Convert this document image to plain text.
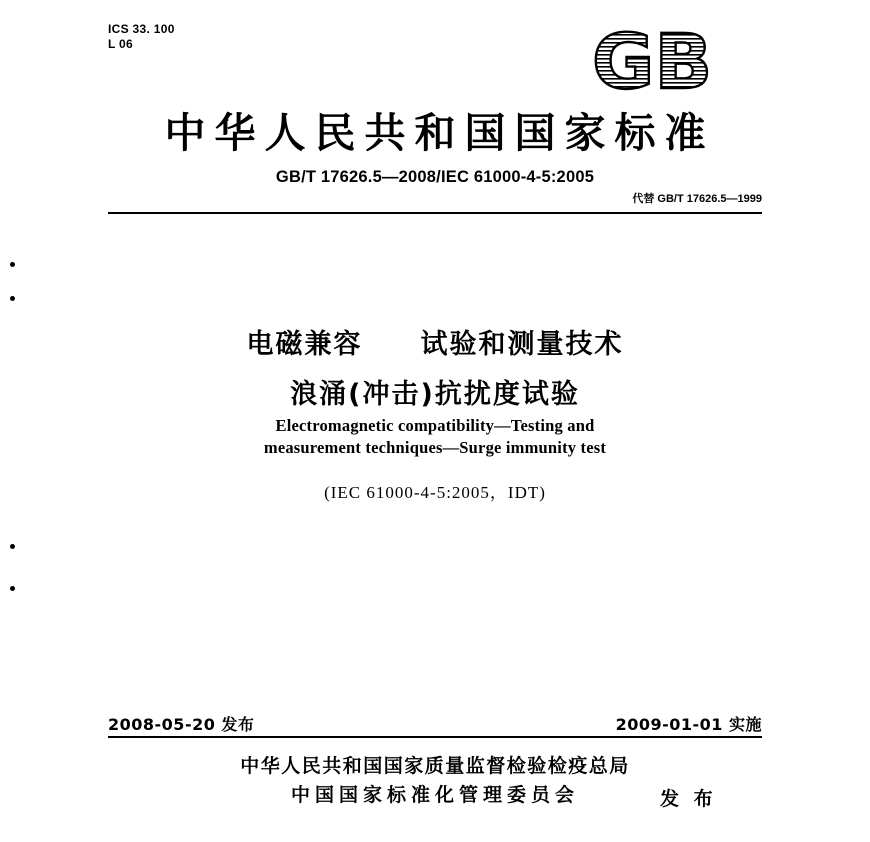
ICS 33. 100
L 06	GB
中华人民共和国国家标准
GB/T 17626.5—2008/IEC 61000-4-5:2005
代替 GB/T 17626.5—1999
电磁兼容　　试验和测量技术
浪涌(冲击)抗扰度试验
Electromagnetic compatibility—Testing and
measurement techniques—Surge immunity test
(IEC 61000-4-5:2005，IDT)
2008-05-20 发布	2009-01-01 实施
中华人民共和国国家质量监督检验检疫总局
中国国家标准化管理委员会	发 布
